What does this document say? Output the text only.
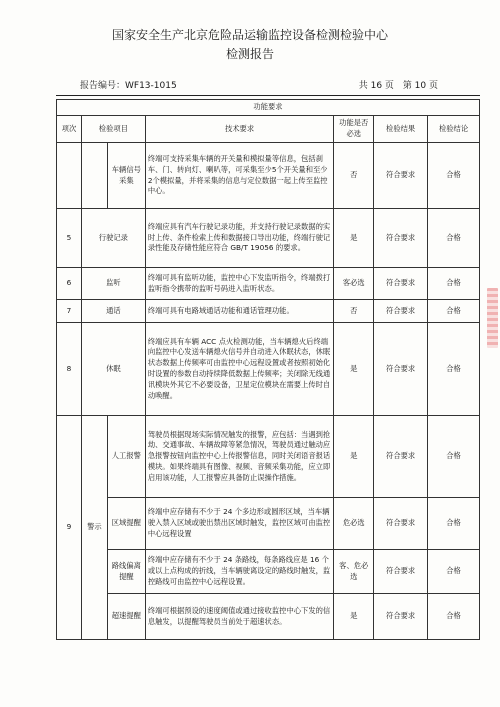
国家安全生产北京危险品运输监控设备检测检验中心
检测报告
报告编号：WF13-1015	共 16 页 第 10 页
功能要求						
项次	检验项目		技术要求	功能是否必选	检验结果	检验结论
		车辆信号采集	终端可支持采集车辆的开关量和模拟量等信息，包括刹车、门、转向灯、喇叭等，可采集至少5个开关量和至少2个模拟量，并将采集的信息与定位数据一起上传至监控中心。	否	符合要求	合格
5	行驶记录		终端应具有汽车行驶记录功能，并支持行驶记录数据的实时上传、条件检索上传和数据接口导出功能，终端行驶记录性能及存储性能应符合 GB/T 19056 的要求。	是	符合要求	合格
6	监听		终端可具有监听功能，监控中心下发监听指令，终端拨打监听指令携带的监听号码进入监听状态。	客必选	符合要求	合格
7	通话		终端可具有电路域通话功能和通话管理功能。	否	符合要求	合格
8	休眠		终端应具有车辆 ACC 点火检测功能，当车辆熄火后终端向监控中心发送车辆熄火信号并自动进入休眠状态，休眠状态数据上传频率可由监控中心远程设置或者按照初始化时设置的参数自动持续降低数据上传频率；关闭除无线通讯模块外其它不必要设备，卫星定位模块在需要上传时自动唤醒。	是	符合要求	合格
9	警示	人工报警	驾驶员根据现场实际情况触发的报警，应包括：当遇到抢劫、交通事故、车辆故障等紧急情况，驾驶员通过触动应急报警按钮向监控中心上传报警信息，同时关闭语音报话模块。如果终端具有图像、视频、音频采集功能，应立即启用该功能，人工报警应具备防止误操作措施。	是	符合要求	合格
		区域提醒	终端中应存储有不少于 24 个多边形或圆形区域，当车辆驶入禁入区域或驶出禁出区域时触发，监控区域可由监控中心远程设置	危必选	符合要求	合格
		路线偏离提醒	终端中应存储有不少于 24 条路线，每条路线应是 16 个或以上点构成的折线，当车辆驶离设定的路线时触发，监控路线可由监控中心远程设置。	客、危必选	符合要求	合格
		超速提醒	终端可根据预设的速度阈值或通过接收监控中心下发的信息触发，以提醒驾驶员当前处于超速状态。	是	符合要求	合格
